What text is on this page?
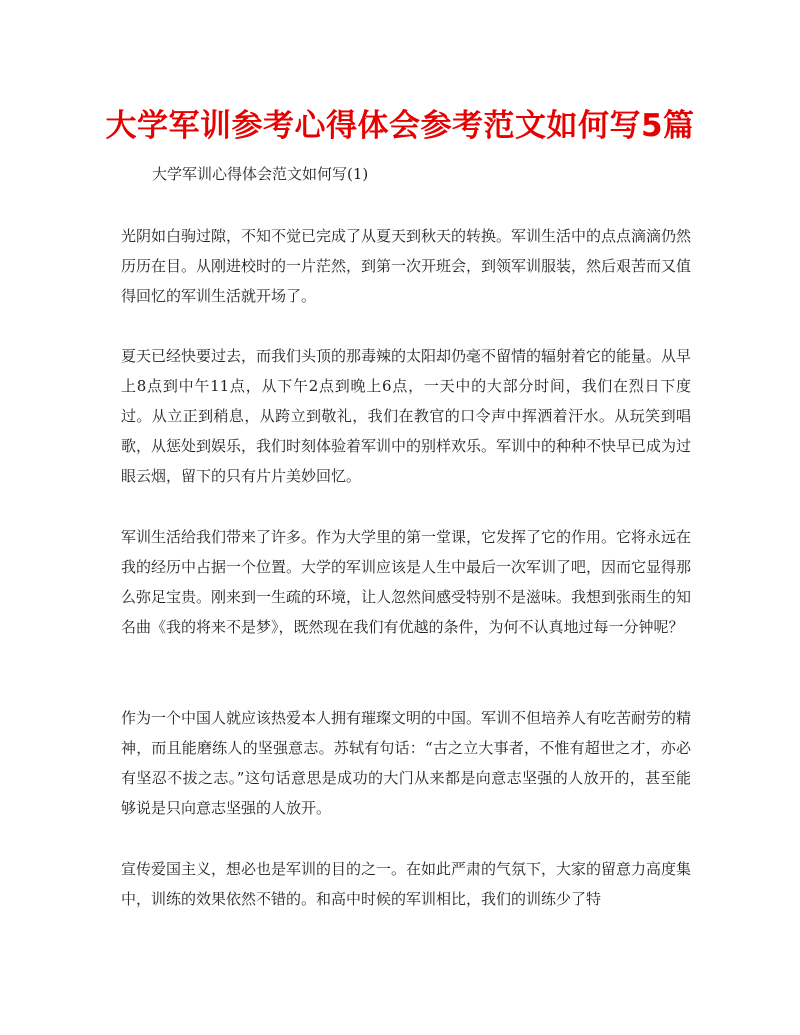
大学军训参考心得体会参考范文如何写5篇

大学军训心得体会范文如何写(1)

光阴如白驹过隙，不知不觉已完成了从夏天到秋天的转换。军训生活中的点点滴滴仍然历历在目。从刚进校时的一片茫然，到第一次开班会，到领军训服装，然后艰苦而又值得回忆的军训生活就开场了。

夏天已经快要过去，而我们头顶的那毒辣的太阳却仍毫不留情的辐射着它的能量。从早上8点到中午11点，从下午2点到晚上6点，一天中的大部分时间，我们在烈日下度过。从立正到稍息，从跨立到敬礼，我们在教官的口令声中挥洒着汗水。从玩笑到唱歌，从惩处到娱乐，我们时刻体验着军训中的别样欢乐。军训中的种种不快早已成为过眼云烟，留下的只有片片美妙回忆。

军训生活给我们带来了许多。作为大学里的第一堂课，它发挥了它的作用。它将永远在我的经历中占据一个位置。大学的军训应该是人生中最后一次军训了吧，因而它显得那么弥足宝贵。刚来到一生疏的环境，让人忽然间感受特别不是滋味。我想到张雨生的知名曲《我的将来不是梦》，既然现在我们有优越的条件，为何不认真地过每一分钟呢？

作为一个中国人就应该热爱本人拥有璀璨文明的中国。军训不但培养人有吃苦耐劳的精神，而且能磨练人的坚强意志。苏轼有句话：“古之立大事者，不惟有超世之才，亦必有坚忍不拔之志。”这句话意思是成功的大门从来都是向意志坚强的人放开的，甚至能够说是只向意志坚强的人放开。

宣传爱国主义，想必也是军训的目的之一。在如此严肃的气氛下，大家的留意力高度集中，训练的效果依然不错的。和高中时候的军训相比，我们的训练少了特
